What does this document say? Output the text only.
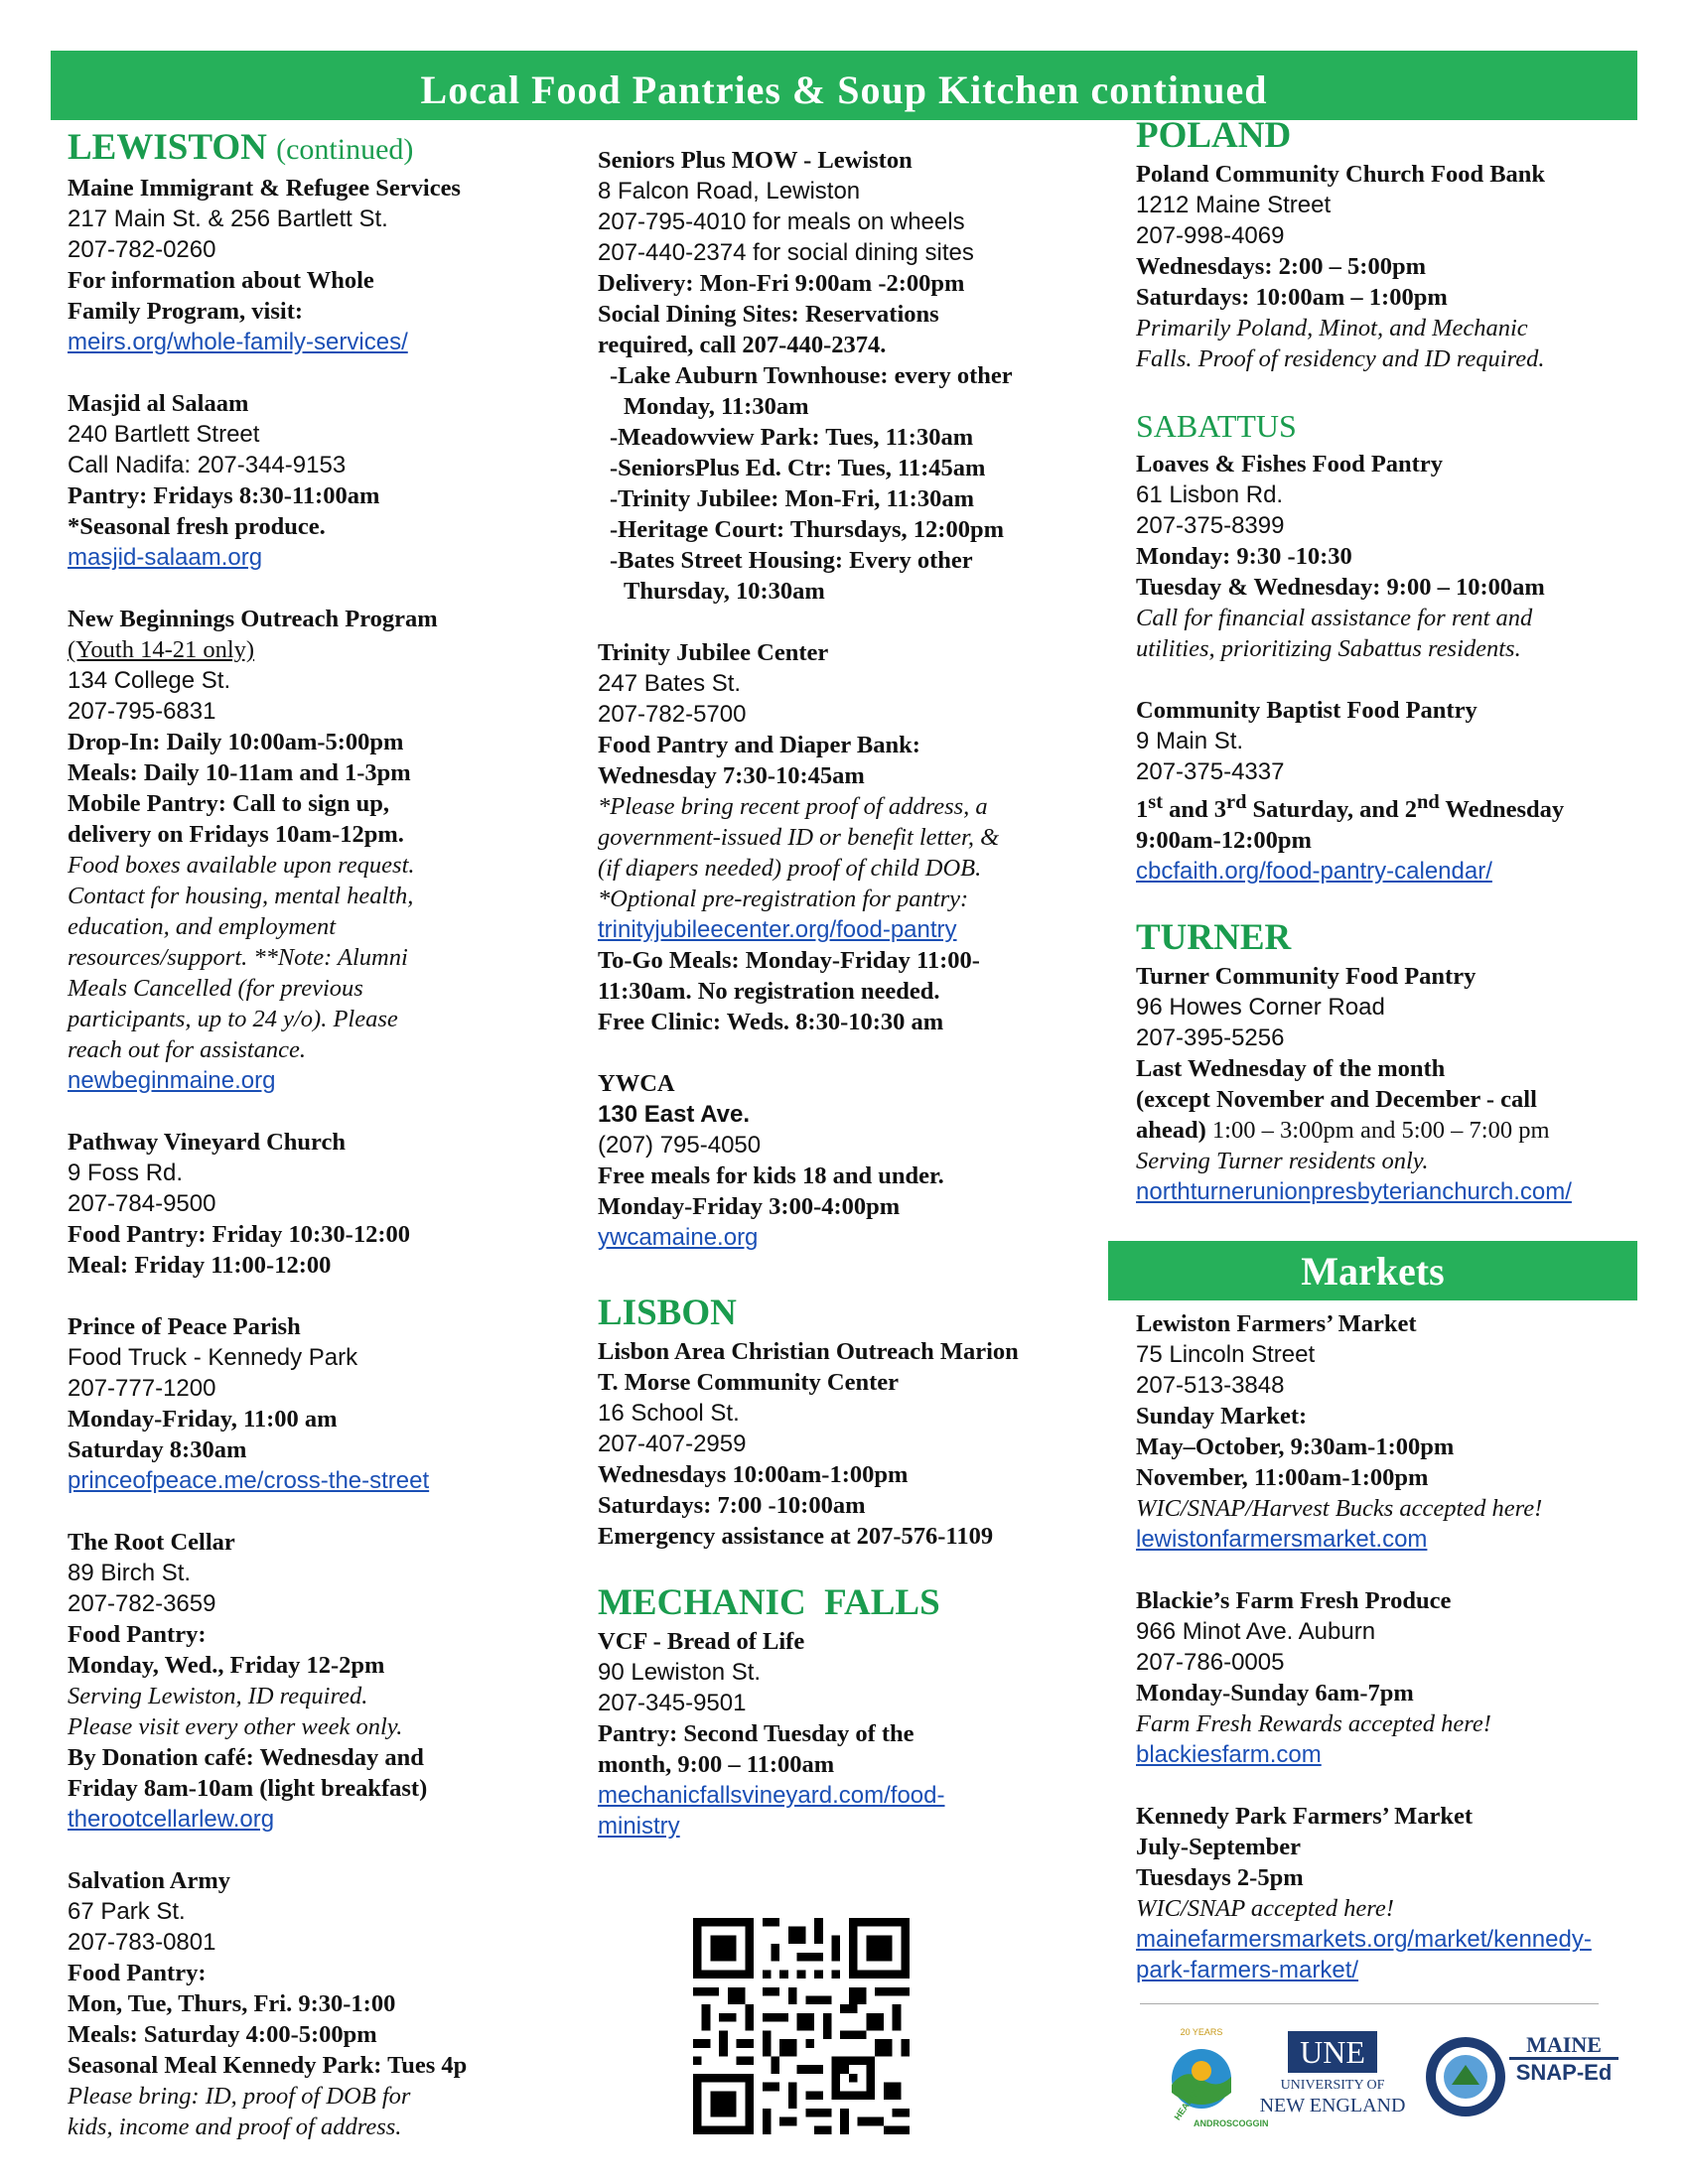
Local Food Pantries & Soup Kitchen continued
LEWISTON (continued)
Maine Immigrant & Refugee Services
217 Main St. & 256 Bartlett St.
207-782-0260
For information about Whole
Family Program, visit:
meirs.org/whole-family-services/
Masjid al Salaam
240 Bartlett Street
Call Nadifa: 207-344-9153
Pantry: Fridays 8:30-11:00am
*Seasonal fresh produce.
masjid-salaam.org
New Beginnings Outreach Program
(Youth 14-21 only)
134 College St.
207-795-6831
Drop-In: Daily 10:00am-5:00pm
Meals: Daily 10-11am and 1-3pm
Mobile Pantry: Call to sign up,
delivery on Fridays 10am-12pm.
Food boxes available upon request.
Contact for housing, mental health,
education, and employment
resources/support. **Note: Alumni
Meals Cancelled (for previous
participants, up to 24 y/o). Please
reach out for assistance.
newbeginmaine.org
Pathway Vineyard Church
9 Foss Rd.
207-784-9500
Food Pantry: Friday 10:30-12:00
Meal: Friday 11:00-12:00
Prince of Peace Parish
Food Truck - Kennedy Park
207-777-1200
Monday-Friday, 11:00 am
Saturday 8:30am
princeofpeace.me/cross-the-street
The Root Cellar
89 Birch St.
207-782-3659
Food Pantry:
Monday, Wed., Friday 12-2pm
Serving Lewiston, ID required.
Please visit every other week only.
By Donation café: Wednesday and
Friday 8am-10am (light breakfast)
therootcellarlew.org
Salvation Army
67 Park St.
207-783-0801
Food Pantry:
Mon, Tue, Thurs, Fri. 9:30-1:00
Meals: Saturday 4:00-5:00pm
Seasonal Meal Kennedy Park: Tues 4p
Please bring: ID, proof of DOB for
kids, income and proof of address.
Seniors Plus MOW - Lewiston
8 Falcon Road, Lewiston
207-795-4010 for meals on wheels
207-440-2374 for social dining sites
Delivery: Mon-Fri 9:00am -2:00pm
Social Dining Sites: Reservations
required, call 207-440-2374.
-Lake Auburn Townhouse: every other
Monday, 11:30am
-Meadowview Park: Tues, 11:30am
-SeniorsPlus Ed. Ctr: Tues, 11:45am
-Trinity Jubilee: Mon-Fri, 11:30am
-Heritage Court: Thursdays, 12:00pm
-Bates Street Housing: Every other
Thursday, 10:30am
Trinity Jubilee Center
247 Bates St.
207-782-5700
Food Pantry and Diaper Bank:
Wednesday 7:30-10:45am
*Please bring recent proof of address, a
government-issued ID or benefit letter, &
(if diapers needed) proof of child DOB.
*Optional pre-registration for pantry:
trinityjubileecenter.org/food-pantry
To-Go Meals: Monday-Friday 11:00-
11:30am. No registration needed.
Free Clinic: Weds. 8:30-10:30 am
YWCA
130 East Ave.
(207) 795-4050
Free meals for kids 18 and under.
Monday-Friday 3:00-4:00pm
ywcamaine.org
LISBON
Lisbon Area Christian Outreach Marion
T. Morse Community Center
16 School St.
207-407-2959
Wednesdays 10:00am-1:00pm
Saturdays: 7:00 -10:00am
Emergency assistance at 207-576-1109
MECHANIC  FALLS
VCF - Bread of Life
90 Lewiston St.
207-345-9501
Pantry: Second Tuesday of the
month, 9:00 – 11:00am
mechanicfallsvineyard.com/food-
ministry
POLAND
Poland Community Church Food Bank
1212 Maine Street
207-998-4069
Wednesdays: 2:00 – 5:00pm
Saturdays: 10:00am – 1:00pm
Primarily Poland, Minot, and Mechanic
Falls. Proof of residency and ID required.
SABATTUS
Loaves & Fishes Food Pantry
61 Lisbon Rd.
207-375-8399
Monday: 9:30 -10:30
Tuesday & Wednesday: 9:00 – 10:00am
Call for financial assistance for rent and
utilities, prioritizing Sabattus residents.
Community Baptist Food Pantry
9 Main St.
207-375-4337
1st and 3rd Saturday, and 2nd Wednesday
9:00am-12:00pm
cbcfaith.org/food-pantry-calendar/
TURNER
Turner Community Food Pantry
96 Howes Corner Road
207-395-5256
Last Wednesday of the month
(except November and December - call
ahead) 1:00 – 3:00pm and 5:00 – 7:00 pm
Serving Turner residents only.
northturnerunionpresbyterianchurch.com/
Markets
Lewiston Farmers’ Market
75 Lincoln Street
207-513-3848
Sunday Market:
May–October, 9:30am-1:00pm
November, 11:00am-1:00pm
WIC/SNAP/Harvest Bucks accepted here!
lewistonfarmersmarket.com
Blackie’s Farm Fresh Produce
966 Minot Ave. Auburn
207-786-0005
Monday-Sunday 6am-7pm
Farm Fresh Rewards accepted here!
blackiesfarm.com
Kennedy Park Farmers’ Market
July-September
Tuesdays 2-5pm
WIC/SNAP accepted here!
mainefarmersmarkets.org/market/kennedy-
park-farmers-market/
20 YEARS
HEALTHY
ANDROSCOGGIN
UNE
UNIVERSITY OF
NEW ENGLAND
MAINE
SNAP-Ed
